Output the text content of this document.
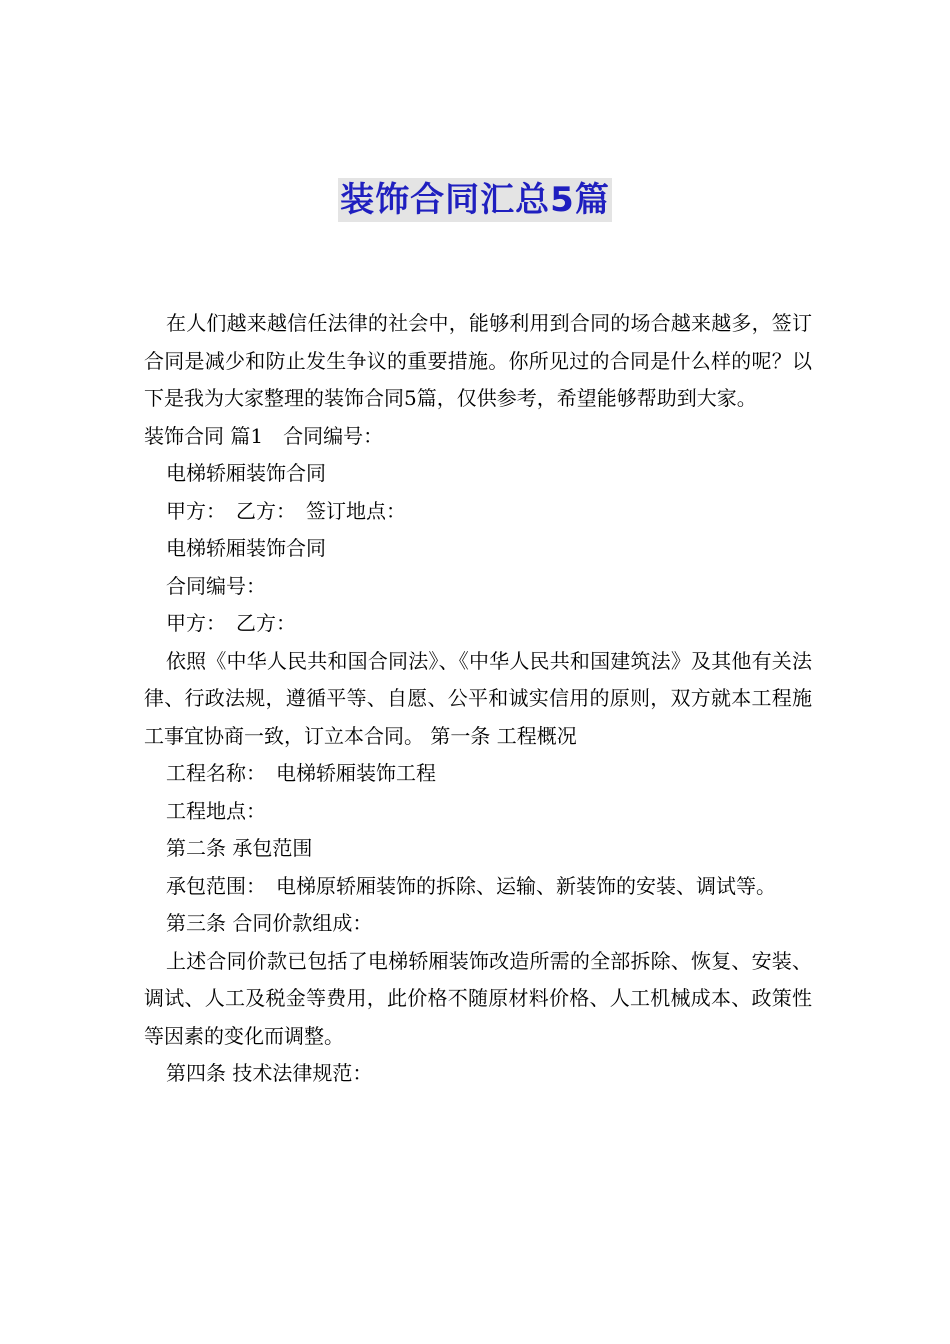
装饰合同汇总5篇

在人们越来越信任法律的社会中，能够利用到合同的场合越来越多，签订合同是减少和防止发生争议的重要措施。你所见过的合同是什么样的呢？以下是我为大家整理的装饰合同5篇，仅供参考，希望能够帮助到大家。

装饰合同 篇1　合同编号：

电梯轿厢装饰合同

甲方：　乙方：　签订地点：

电梯轿厢装饰合同

合同编号：

甲方：　乙方：

依照《中华人民共和国合同法》、《中华人民共和国建筑法》及其他有关法律、行政法规，遵循平等、自愿、公平和诚实信用的原则，双方就本工程施工事宜协商一致，订立本合同。 第一条 工程概况

工程名称：　电梯轿厢装饰工程

工程地点：

第二条 承包范围

承包范围：　电梯原轿厢装饰的拆除、运输、新装饰的安装、调试等。

第三条 合同价款组成：

上述合同价款已包括了电梯轿厢装饰改造所需的全部拆除、恢复、安装、调试、人工及税金等费用，此价格不随原材料价格、人工机械成本、政策性等因素的变化而调整。

第四条 技术法律规范：
